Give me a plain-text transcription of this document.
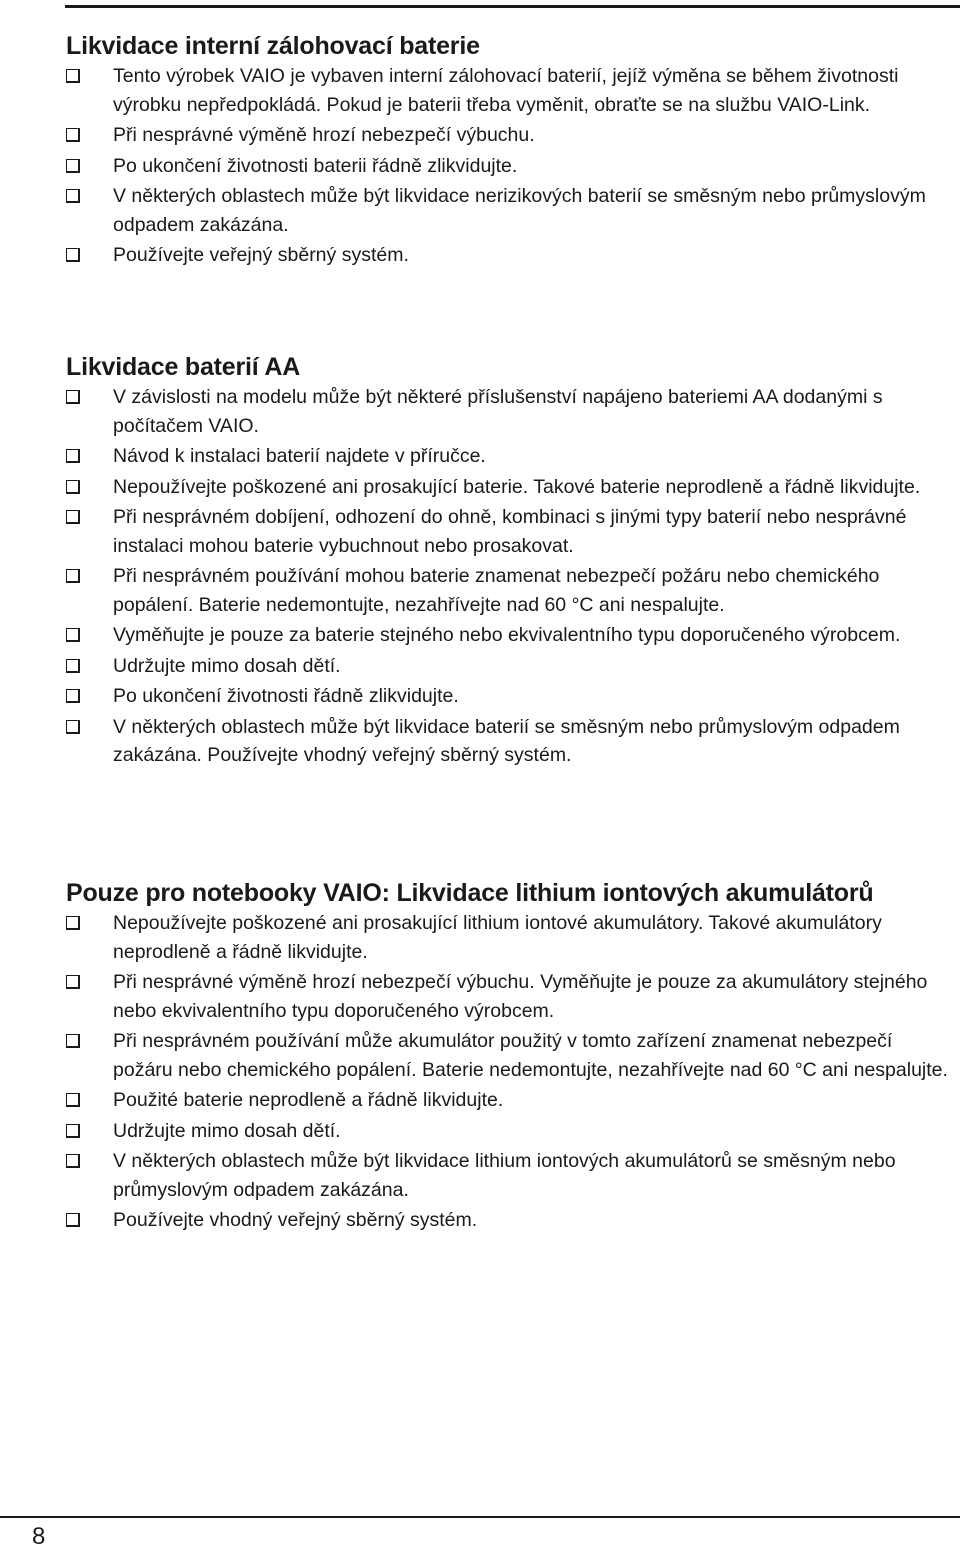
Likvidace interní zálohovací baterie
Tento výrobek VAIO je vybaven interní zálohovací baterií, jejíž výměna se během životnosti výrobku nepředpokládá. Pokud je baterii třeba vyměnit, obraťte se na službu VAIO-Link.
Při nesprávné výměně hrozí nebezpečí výbuchu.
Po ukončení životnosti baterii řádně zlikvidujte.
V některých oblastech může být likvidace nerizikových baterií se směsným nebo průmyslovým odpadem zakázána.
Používejte veřejný sběrný systém.
Likvidace baterií AA
V závislosti na modelu může být některé příslušenství napájeno bateriemi AA dodanými s počítačem VAIO.
Návod k instalaci baterií najdete v příručce.
Nepoužívejte poškozené ani prosakující baterie. Takové baterie neprodleně a řádně likvidujte.
Při nesprávném dobíjení, odhození do ohně, kombinaci s jinými typy baterií nebo nesprávné instalaci mohou baterie vybuchnout nebo prosakovat.
Při nesprávném používání mohou baterie znamenat nebezpečí požáru nebo chemického popálení. Baterie nedemontujte, nezahřívejte nad 60 °C ani nespalujte.
Vyměňujte je pouze za baterie stejného nebo ekvivalentního typu doporučeného výrobcem.
Udržujte mimo dosah dětí.
Po ukončení životnosti řádně zlikvidujte.
V některých oblastech může být likvidace baterií se směsným nebo průmyslovým odpadem zakázána. Používejte vhodný veřejný sběrný systém.
Pouze pro notebooky VAIO: Likvidace lithium iontových akumulátorů
Nepoužívejte poškozené ani prosakující lithium iontové akumulátory. Takové akumulátory neprodleně a řádně likvidujte.
Při nesprávné výměně hrozí nebezpečí výbuchu. Vyměňujte je pouze za akumulátory stejného nebo ekvivalentního typu doporučeného výrobcem.
Při nesprávném používání může akumulátor použitý v tomto zařízení znamenat nebezpečí požáru nebo chemického popálení. Baterie nedemontujte, nezahřívejte nad 60 °C ani nespalujte.
Použité baterie neprodleně a řádně likvidujte.
Udržujte mimo dosah dětí.
V některých oblastech může být likvidace lithium iontových akumulátorů se směsným nebo průmyslovým odpadem zakázána.
Používejte vhodný veřejný sběrný systém.
8
